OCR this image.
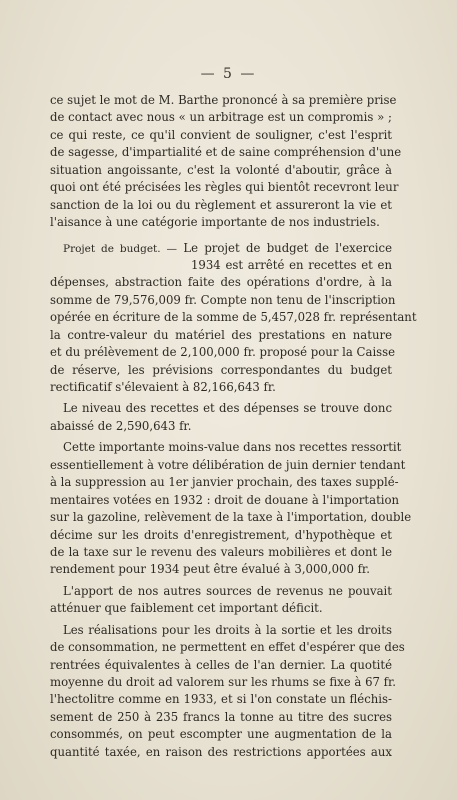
— 5 —
ce sujet le mot de M. Barthe prononcé à sa première prise
de contact avec nous « un arbitrage est un compromis » ;
ce qui reste, ce qu'il convient de souligner, c'est l'esprit
de sagesse, d'impartialité et de saine compréhension d'une
situation angoissante, c'est la volonté d'aboutir, grâce à
quoi ont été précisées les règles qui bientôt recevront leur
sanction de la loi ou du règlement et assureront la vie et
l'aisance à une catégorie importante de nos industriels.
Projet de budget. — Le projet de budget de l'exercice
1934 est arrêté en recettes et en
dépenses, abstraction faite des opérations d'ordre, à la
somme de 79,576,009 fr. Compte non tenu de l'inscription
opérée en écriture de la somme de 5,457,028 fr. représentant
la contre-valeur du matériel des prestations en nature
et du prélèvement de 2,100,000 fr. proposé pour la Caisse
de réserve, les prévisions correspondantes du budget
rectificatif s'élevaient à 82,166,643 fr.
Le niveau des recettes et des dépenses se trouve donc
abaissé de 2,590,643 fr.
Cette importante moins-value dans nos recettes ressortit
essentiellement à votre délibération de juin dernier tendant
à la suppression au 1er janvier prochain, des taxes supplé-
mentaires votées en 1932 : droit de douane à l'importation
sur la gazoline, relèvement de la taxe à l'importation, double
décime sur les droits d'enregistrement, d'hypothèque et
de la taxe sur le revenu des valeurs mobilières et dont le
rendement pour 1934 peut être évalué à 3,000,000 fr.
L'apport de nos autres sources de revenus ne pouvait
atténuer que faiblement cet important déficit.
Les réalisations pour les droits à la sortie et les droits
de consommation, ne permettent en effet d'espérer que des
rentrées équivalentes à celles de l'an dernier. La quotité
moyenne du droit ad valorem sur les rhums se fixe à 67 fr.
l'hectolitre comme en 1933, et si l'on constate un fléchis-
sement de 250 à 235 francs la tonne au titre des sucres
consommés, on peut escompter une augmentation de la
quantité taxée, en raison des restrictions apportées aux
